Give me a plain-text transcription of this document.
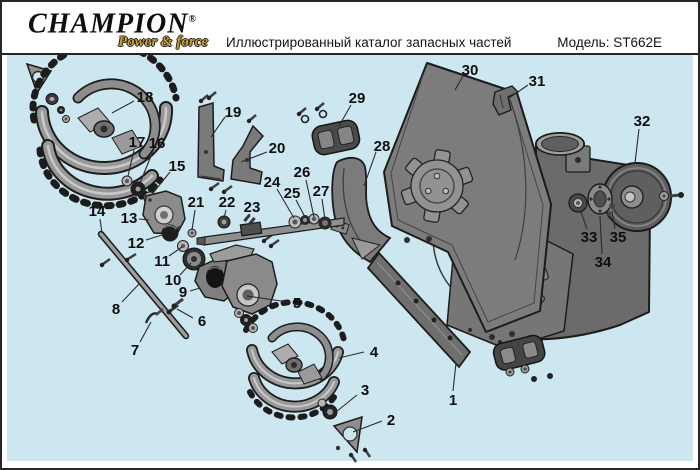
CHAMPION®
Power & force Иллюстрированный каталог запасных частей	Модель: ST662E
1
2
3
4
5
6
7
8
9
10
11
12
13
14
15
16
17
18
19
20
21 22 23
24
25
26
27
28
29
30
31
32
33
34
35
